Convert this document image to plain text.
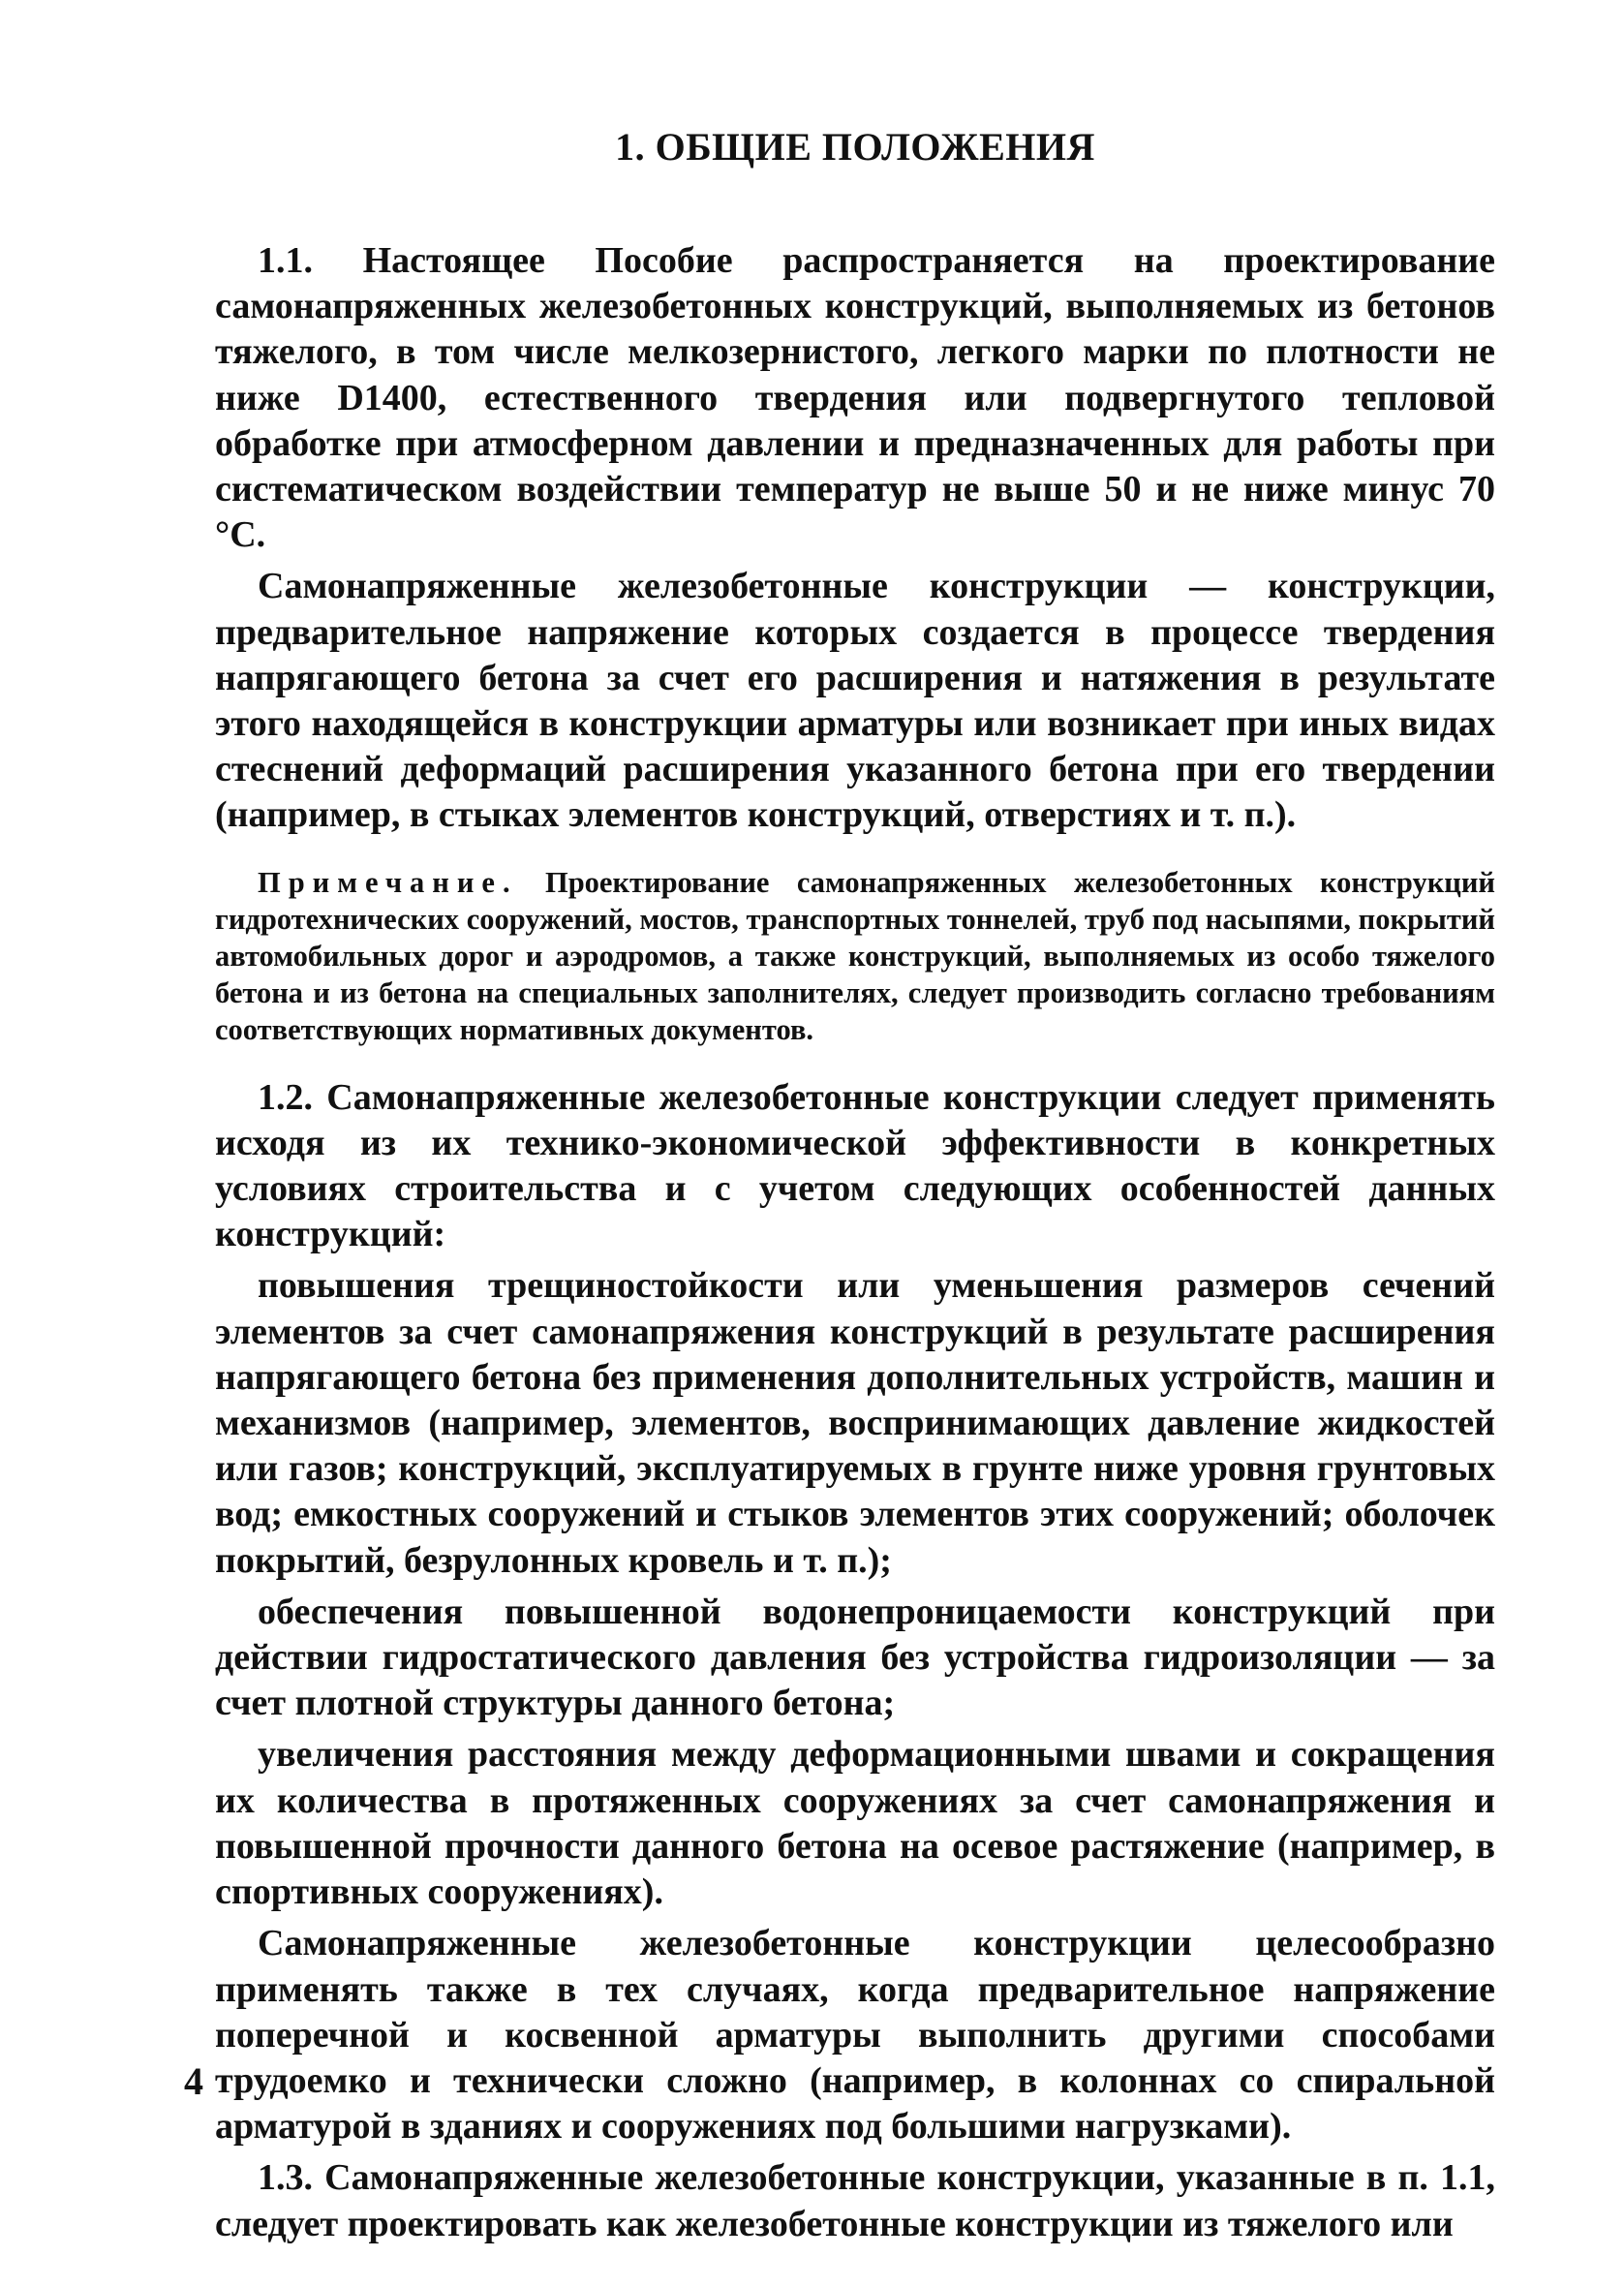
1. ОБЩИЕ ПОЛОЖЕНИЯ

1.1. Настоящее Пособие распространяется на проектирование самонапряженных железобетонных конструкций, выполняемых из бетонов тяжелого, в том числе мелкозернистого, легкого марки по плотности не ниже D1400, естественного твердения или подвергнутого тепловой обработке при атмосферном давлении и предназначенных для работы при систематическом воздействии температур не выше 50 и не ниже минус 70 °С.

Самонапряженные железобетонные конструкции — конструкции, предварительное напряжение которых создается в процессе твердения напрягающего бетона за счет его расширения и натяжения в результате этого находящейся в конструкции арматуры или возникает при иных видах стеснений деформаций расширения указанного бетона при его твердении (например, в стыках элементов конструкций, отверстиях и т. п.).

Примечание. Проектирование самонапряженных железобетонных конструкций гидротехнических сооружений, мостов, транспортных тоннелей, труб под насыпями, покрытий автомобильных дорог и аэродромов, а также конструкций, выполняемых из особо тяжелого бетона и из бетона на специальных заполнителях, следует производить согласно требованиям соответствующих нормативных документов.

1.2. Самонапряженные железобетонные конструкции следует применять исходя из их технико-экономической эффективности в конкретных условиях строительства и с учетом следующих особенностей данных конструкций:

повышения трещиностойкости или уменьшения размеров сечений элементов за счет самонапряжения конструкций в результате расширения напрягающего бетона без применения дополнительных устройств, машин и механизмов (например, элементов, воспринимающих давление жидкостей или газов; конструкций, эксплуатируемых в грунте ниже уровня грунтовых вод; емкостных сооружений и стыков элементов этих сооружений; оболочек покрытий, безрулонных кровель и т. п.);

обеспечения повышенной водонепроницаемости конструкций при действии гидростатического давления без устройства гидроизоляции — за счет плотной структуры данного бетона;

увеличения расстояния между деформационными швами и сокращения их количества в протяженных сооружениях за счет самонапряжения и повышенной прочности данного бетона на осевое растяжение (например, в спортивных сооружениях).

Самонапряженные железобетонные конструкции целесообразно применять также в тех случаях, когда предварительное напряжение поперечной и косвенной арматуры выполнить другими способами трудоемко и технически сложно (например, в колоннах со спиральной арматурой в зданиях и сооружениях под большими нагрузками).

1.3. Самонапряженные железобетонные конструкции, указанные в п. 1.1, следует проектировать как железобетонные конструкции из тяжелого или

4
